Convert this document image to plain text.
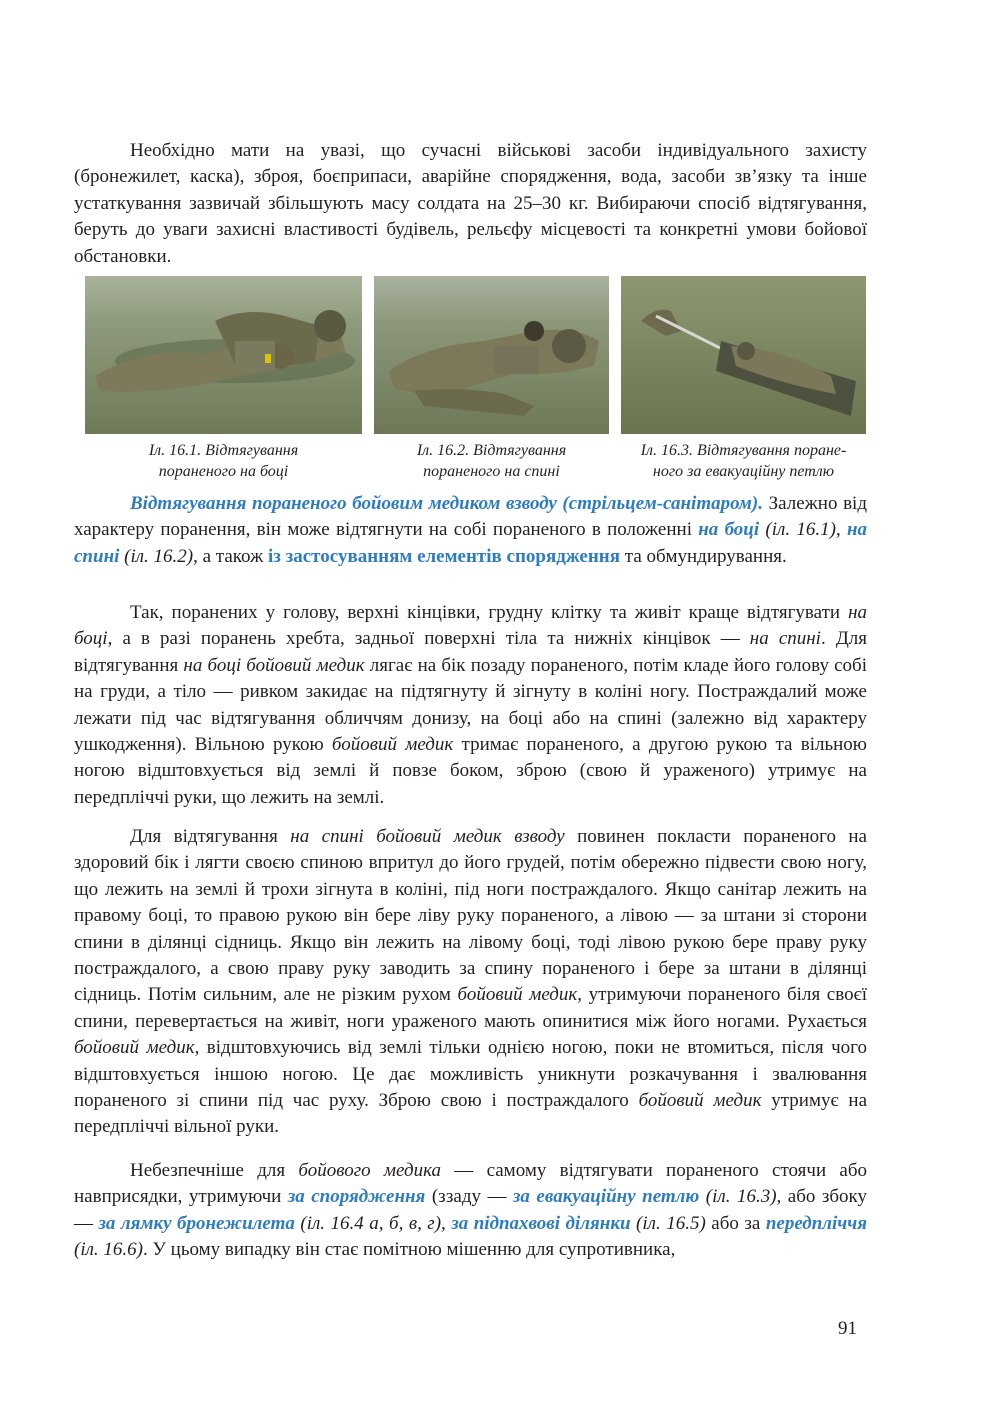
Необхідно мати на увазі, що сучасні військові засоби індивідуального захисту (бронежилет, каска), зброя, боєприпаси, аварійне спорядження, вода, засоби зв’язку та інше устаткування зазвичай збільшують масу солдата на 25–30 кг. Вибираючи спосіб відтягування, беруть до уваги захисні властивості будівель, рельєфу місцевості та конкретні умови бойової обстановки.

Іл. 16.1. Відтягування
пораненого на боці
Іл. 16.2. Відтягування
пораненого на спині
Іл. 16.3. Відтягування поране-
ного за евакуаційну петлю

Відтягування пораненого бойовим медиком взводу (стрільцем-санітаром). Залежно від характеру поранення, він може відтягнути на собі пораненого в положенні на боці (іл. 16.1), на спині (іл. 16.2), а також із застосуванням елементів спорядження та обмундирування.

Так, поранених у голову, верхні кінцівки, грудну клітку та живіт краще відтягувати на боці, а в разі поранень хребта, задньої поверхні тіла та нижніх кінцівок — на спині. Для відтягування на боці бойовий медик лягає на бік позаду пораненого, потім кладе його голову собі на груди, а тіло — ривком закидає на підтягнуту й зігнуту в коліні ногу. Постраждалий може лежати під час відтягування обличчям донизу, на боці або на спині (залежно від характеру ушкодження). Вільною рукою бойовий медик тримає пораненого, а другою рукою та вільною ногою відштовхується від землі й повзе боком, зброю (свою й ураженого) утримує на передпліччі руки, що лежить на землі.

Для відтягування на спині бойовий медик взводу повинен покласти пораненого на здоровий бік і лягти своєю спиною впритул до його грудей, потім обережно підвести свою ногу, що лежить на землі й трохи зігнута в коліні, під ноги постраждалого. Якщо санітар лежить на правому боці, то правою рукою він бере ліву руку пораненого, а лівою — за штани зі сторони спини в ділянці сідниць. Якщо він лежить на лівому боці, тоді лівою рукою бере праву руку постраждалого, а свою праву руку заводить за спину пораненого і бере за штани в ділянці сідниць. Потім сильним, але не різким рухом бойовий медик, утримуючи пораненого біля своєї спини, перевертається на живіт, ноги ураженого мають опинитися між його ногами. Рухається бойовий медик, відштовхуючись від землі тільки однією ногою, поки не втомиться, після чого відштовхується іншою ногою. Це дає можливість уникнути розкачування і звалювання пораненого зі спини під час руху. Зброю свою і постраждалого бойовий медик утримує на передпліччі вільної руки.

Небезпечніше для бойового медика — самому відтягувати пораненого стоячи або навприсядки, утримуючи за спорядження (ззаду — за евакуаційну петлю (іл. 16.3), або збоку — за лямку бронежилета (іл. 16.4 а, б, в, г), за підпахвові ділянки (іл. 16.5) або за передпліччя (іл. 16.6). У цьому випадку він стає помітною мішенню для супротивника,

91
